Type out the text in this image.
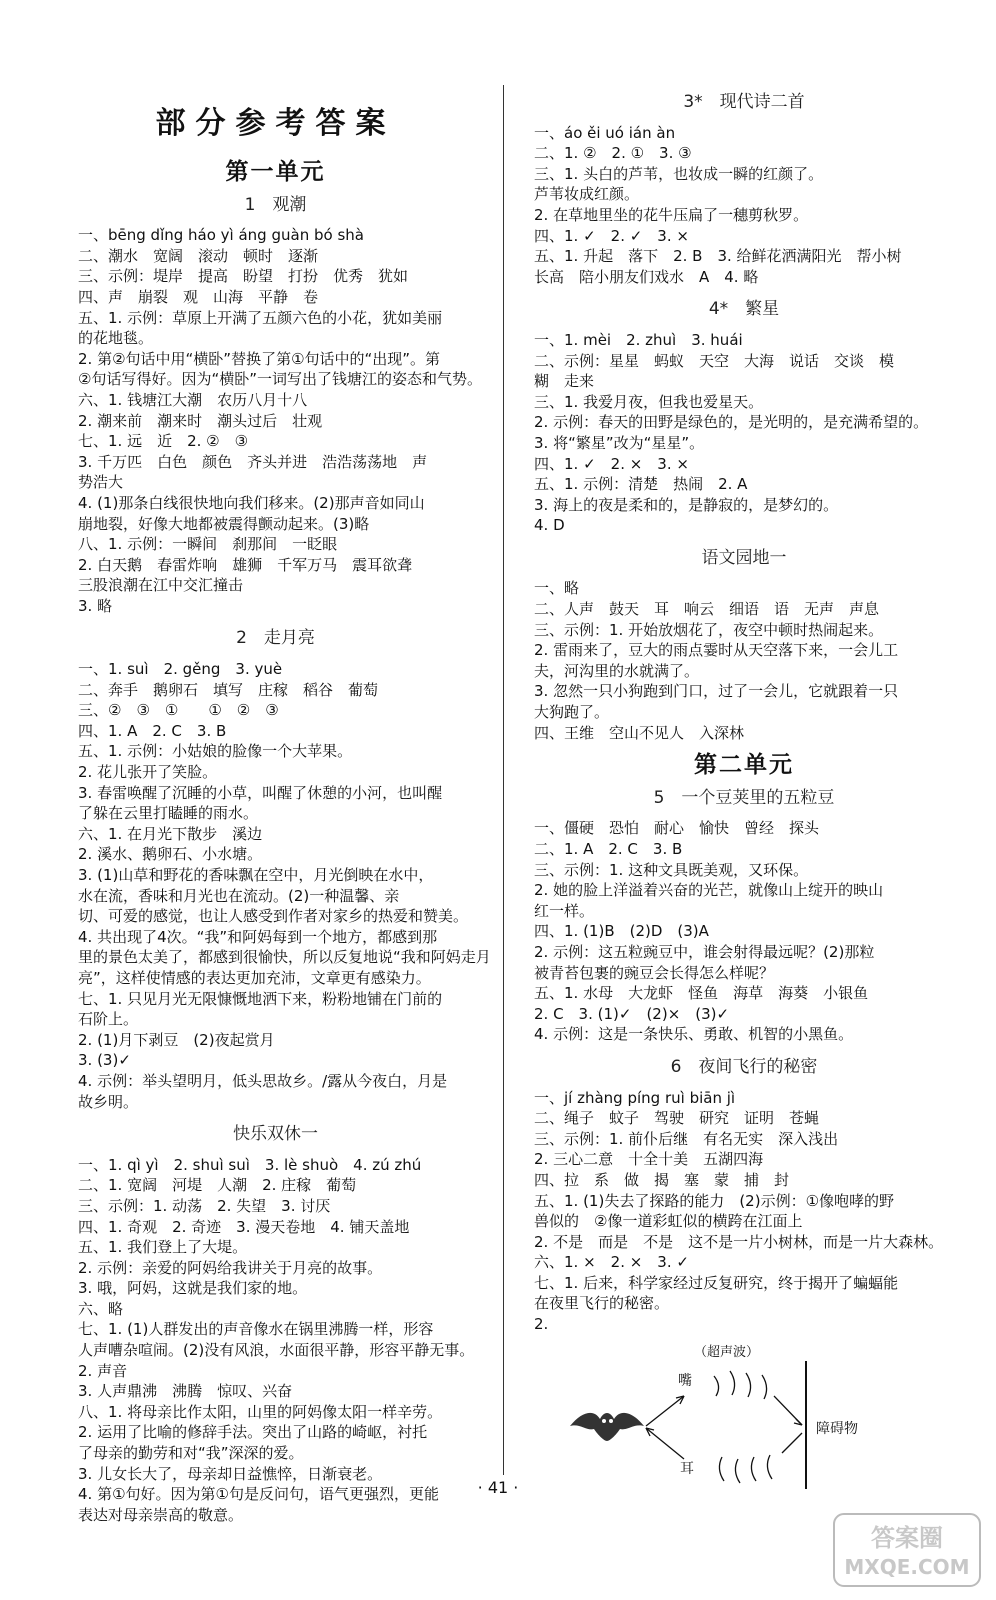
部分参考答案
第一单元
1　观潮
一、bēng dǐng háo yì áng guàn bó shà
二、潮水　宽阔　滚动　顿时　逐渐
三、示例：堤岸　提高　盼望　打扮　优秀　犹如
四、声　崩裂　观　山海　平静　卷
五、1. 示例：草原上开满了五颜六色的小花，犹如美丽
的花地毯。
2. 第②句话中用“横卧”替换了第①句话中的“出现”。第
②句话写得好。因为“横卧”一词写出了钱塘江的姿态和气势。
六、1. 钱塘江大潮　农历八月十八
2. 潮来前　潮来时　潮头过后　壮观
七、1. 远　近　2. ②　③
3. 千万匹　白色　颜色　齐头并进　浩浩荡荡地　声
势浩大
4. (1)那条白线很快地向我们移来。(2)那声音如同山
崩地裂，好像大地都被震得颤动起来。(3)略
八、1. 示例：一瞬间　刹那间　一眨眼
2. 白天鹅　春雷炸响　雄狮　千军万马　震耳欲聋
三股浪潮在江中交汇撞击
3. 略
2　走月亮
一、1. suì　2. gěng　3. yuè
二、奔手　鹅卵石　填写　庄稼　稻谷　葡萄
三、②　③　①　　①　②　③
四、1. A　2. C　3. B
五、1. 示例：小姑娘的脸像一个大苹果。
2. 花儿张开了笑脸。
3. 春雷唤醒了沉睡的小草，叫醒了休憩的小河，也叫醒
了躲在云里打瞌睡的雨水。
六、1. 在月光下散步　溪边
2. 溪水、鹅卵石、小水塘。
3. (1)山草和野花的香味飘在空中，月光倒映在水中，
水在流，香味和月光也在流动。(2)一种温馨、亲
切、可爱的感觉，也让人感受到作者对家乡的热爱和赞美。
4. 共出现了4次。“我”和阿妈每到一个地方，都感到那
里的景色太美了，都感到很愉快，所以反复地说“我和阿妈走月
亮”，这样使情感的表达更加充沛，文章更有感染力。
七、1. 只见月光无限慷慨地洒下来，粉粉地铺在门前的
石阶上。
2. (1)月下剥豆　(2)夜起赏月
3. (3)✓
4. 示例：举头望明月，低头思故乡。/露从今夜白，月是
故乡明。
快乐双休一
一、1. qì yì　2. shuì suì　3. lè shuò　4. zú zhú
二、1. 宽阔　河堤　人潮　2. 庄稼　葡萄
三、示例：1. 动荡　2. 失望　3. 讨厌
四、1. 奇观　2. 奇迹　3. 漫天卷地　4. 铺天盖地
五、1. 我们登上了大堤。
2. 示例：亲爱的阿妈给我讲关于月亮的故事。
3. 哦，阿妈，这就是我们家的地。
六、略
七、1. (1)人群发出的声音像水在锅里沸腾一样，形容
人声嘈杂喧闹。(2)没有风浪，水面很平静，形容平静无事。
2. 声音
3. 人声鼎沸　沸腾　惊叹、兴奋
八、1. 将母亲比作太阳，山里的阿妈像太阳一样辛劳。
2. 运用了比喻的修辞手法。突出了山路的崎岖，衬托
了母亲的勤劳和对“我”深深的爱。
3. 儿女长大了，母亲却日益憔悴，日渐衰老。
4. 第①句好。因为第①句是反问句，语气更强烈，更能
表达对母亲崇高的敬意。
3*　现代诗二首
一、áo ěi uó ián àn
二、1. ②　2. ①　3. ③
三、1. 头白的芦苇，也妆成一瞬的红颜了。
芦苇妆成红颜。
2. 在草地里坐的花牛压扁了一穗剪秋罗。
四、1. ✓　2. ✓　3. ×
五、1. 升起　落下　2. B　3. 给鲜花洒满阳光　帮小树
长高　陪小朋友们戏水　A　4. 略
4*　繁星
一、1. mèi　2. zhuì　3. huái
二、示例：星星　蚂蚁　天空　大海　说话　交谈　模
糊　走来
三、1. 我爱月夜，但我也爱星天。
2. 示例：春天的田野是绿色的，是光明的，是充满希望的。
3. 将“繁星”改为“星星”。
四、1. ✓　2. ×　3. ×
五、1. 示例：清楚　热闹　2. A
3. 海上的夜是柔和的，是静寂的，是梦幻的。
4. D
语文园地一
一、略
二、人声　鼓天　耳　响云　细语　语　无声　声息
三、示例：1. 开始放烟花了，夜空中顿时热闹起来。
2. 雷雨来了，豆大的雨点霎时从天空落下来，一会儿工
夫，河沟里的水就满了。
3. 忽然一只小狗跑到门口，过了一会儿，它就跟着一只
大狗跑了。
四、王维　空山不见人　入深林
第二单元
5　一个豆荚里的五粒豆
一、僵硬　恐怕　耐心　愉快　曾经　探头
二、1. A　2. C　3. B
三、示例：1. 这种文具既美观，又环保。
2. 她的脸上洋溢着兴奋的光芒，就像山上绽开的映山
红一样。
四、1. (1)B　(2)D　(3)A
2. 示例：这五粒豌豆中，谁会射得最远呢？(2)那粒
被青苔包裹的豌豆会长得怎么样呢？
五、1. 水母　大龙虾　怪鱼　海草　海葵　小银鱼
2. C　3. (1)✓　(2)×　(3)✓
4. 示例：这是一条快乐、勇敢、机智的小黑鱼。
6　夜间飞行的秘密
一、jí zhàng píng ruì biān jì
二、绳子　蚊子　驾驶　研究　证明　苍蝇
三、示例：1. 前仆后继　有名无实　深入浅出
2. 三心二意　十全十美　五湖四海
四、拉　系　做　揭　塞　蒙　捕　封
五、1. (1)失去了探路的能力　(2)示例：①像咆哮的野
兽似的　②像一道彩虹似的横跨在江面上
2. 不是　而是　不是　这不是一片小树林，而是一片大森林。
六、1. ×　2. ×　3. ✓
七、1. 后来，科学家经过反复研究，终于揭开了蝙蝠能
在夜里飞行的秘密。
2.
（超声波）
嘴
耳
障碍物
· 41 ·
答案圈
MXQE.COM
